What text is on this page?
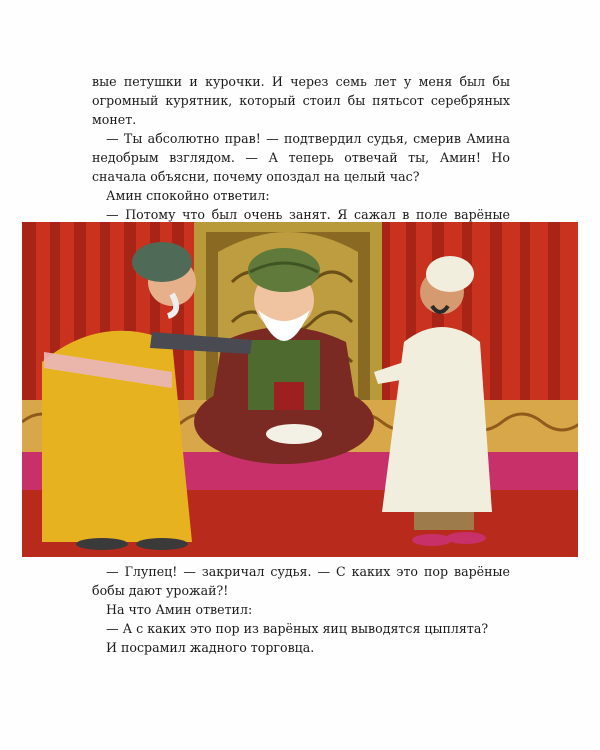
вые петушки и курочки. И через семь лет у меня был бы огромный курятник, который стоил бы пятьсот серебряных монет.

— Ты абсолютно прав! — подтвердил судья, смерив Амина недобрым взглядом. — А теперь отвечай ты, Амин! Но сначала объясни, почему опоздал на целый час?

Амин спокойно ответил:

— Потому что был очень занят. Я сажал в поле варёные

— Глупец! — закричал судья. — С каких это пор варёные бобы дают урожай?!

На что Амин ответил:

— А с каких это пор из варёных яиц выводятся цыплята?

И посрамил жадного торговца.
